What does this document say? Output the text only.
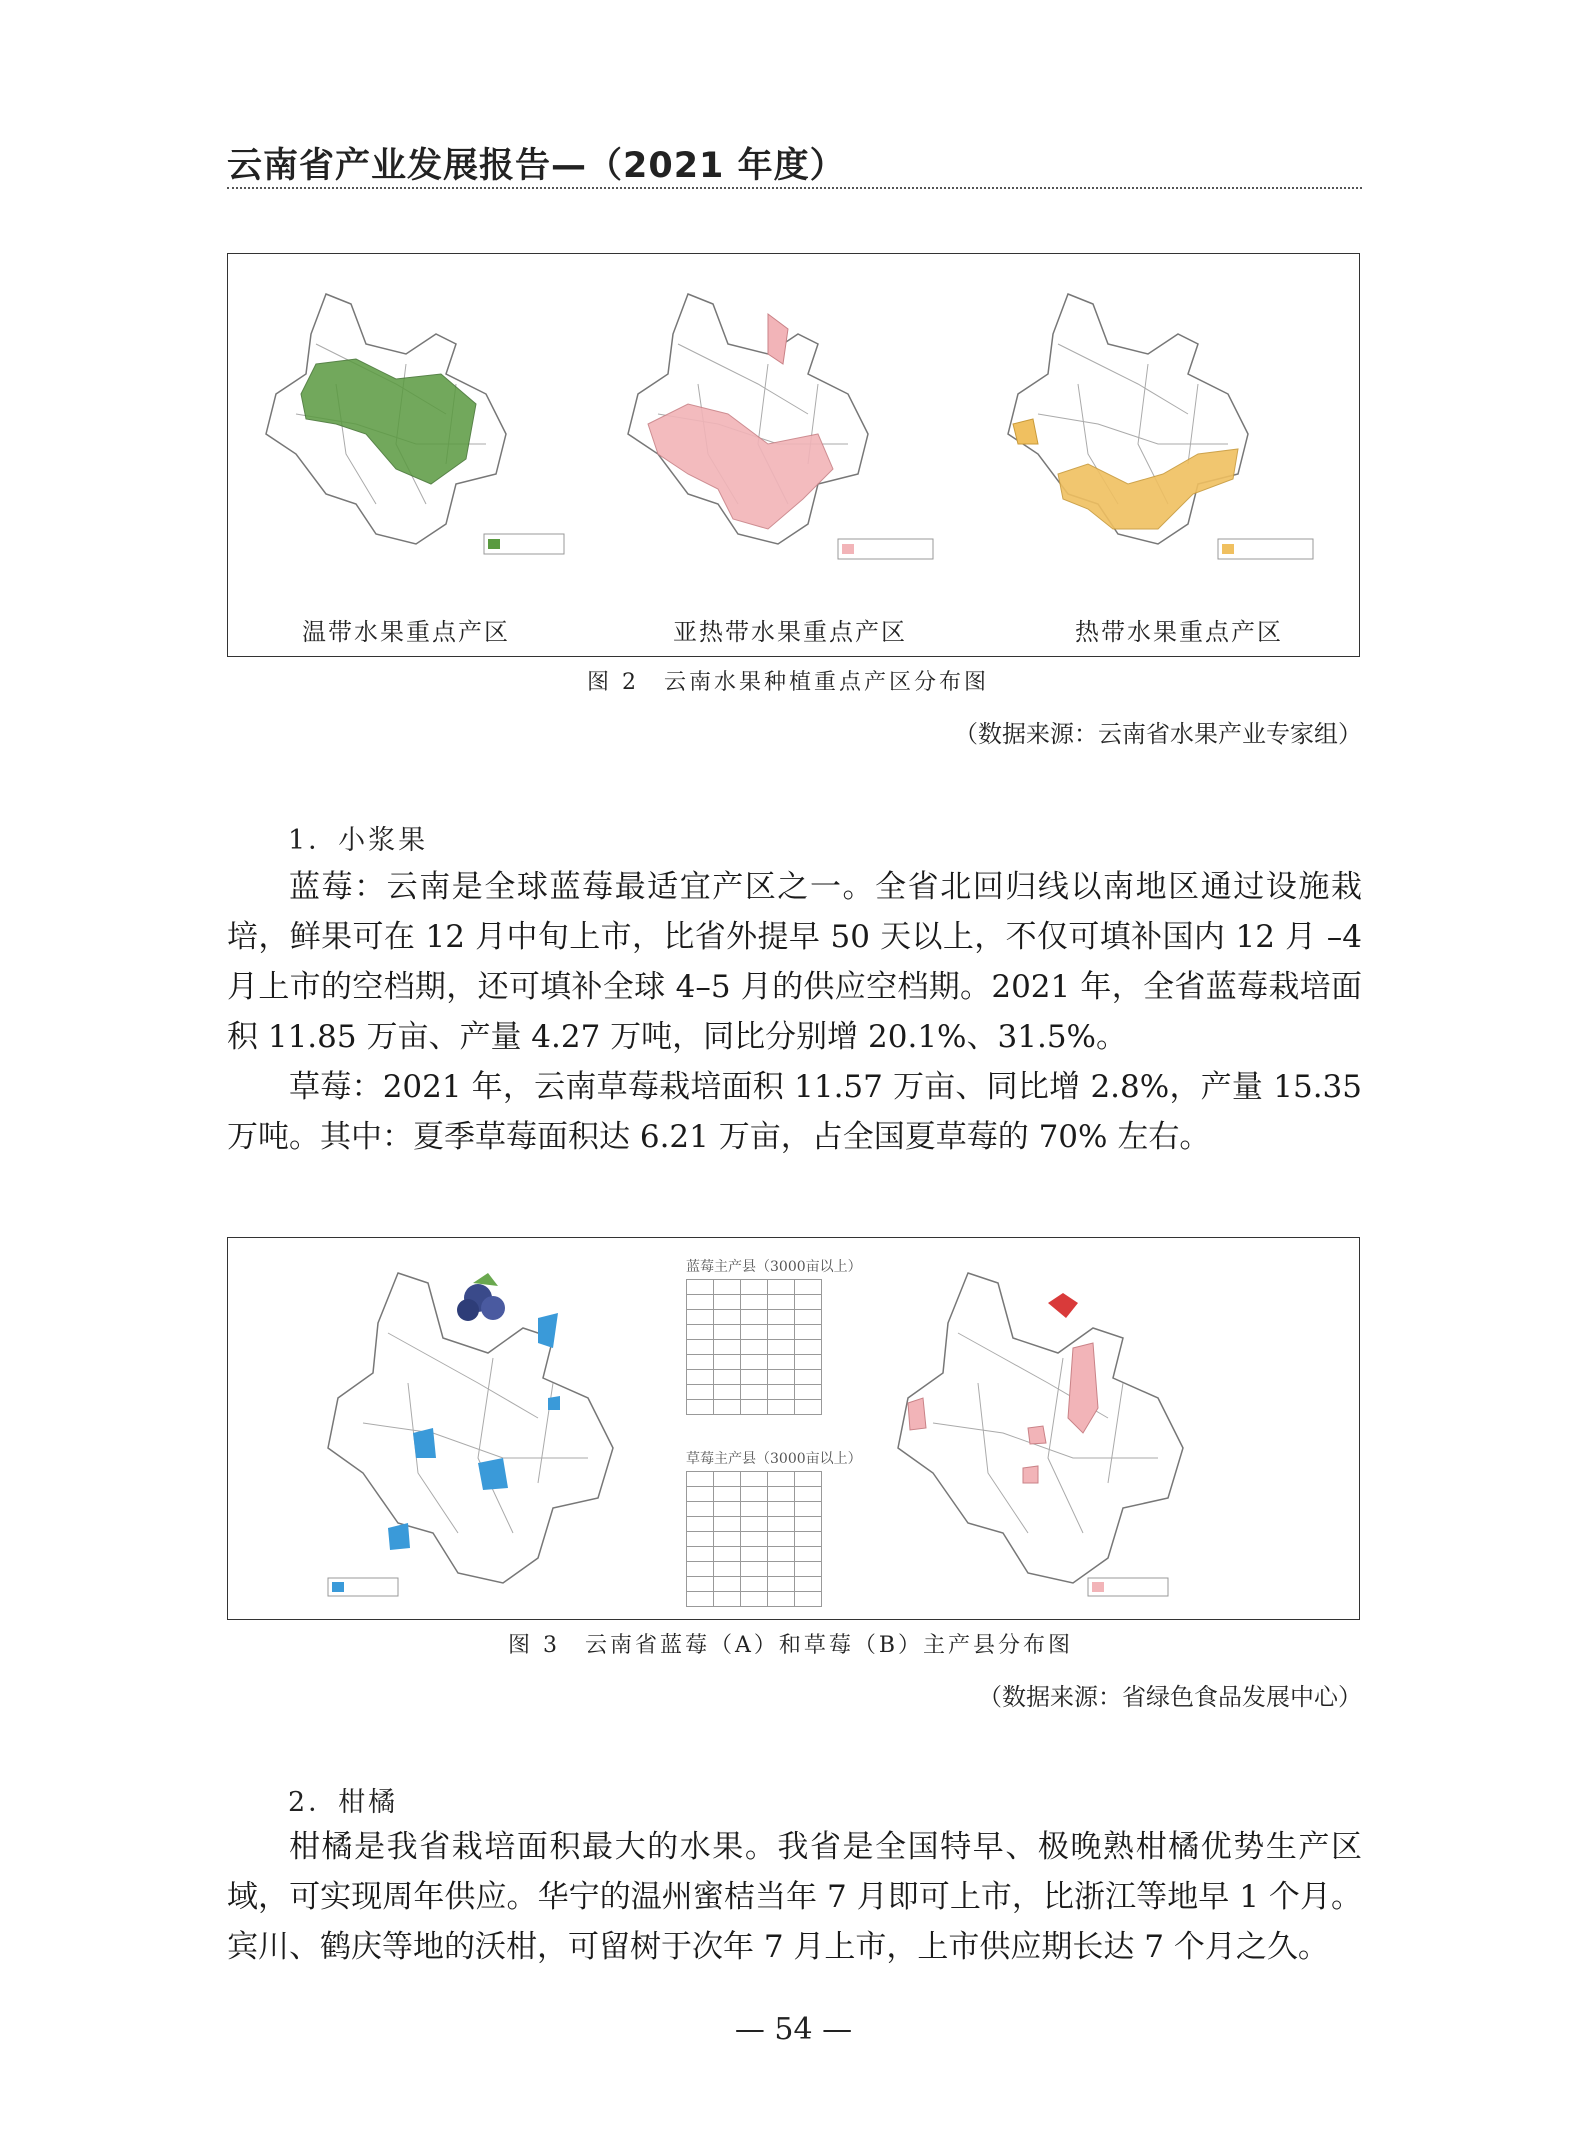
云南省产业发展报告—（2021 年度）
温带水果重点产区	亚热带水果重点产区	热带水果重点产区
图 2　云南水果种植重点产区分布图
（数据来源：云南省水果产业专家组）
1．小浆果

蓝莓：云南是全球蓝莓最适宜产区之一。全省北回归线以南地区通过设施栽培，鲜果可在 12 月中旬上市，比省外提早 50 天以上，不仅可填补国内 12 月 –4 月上市的空档期，还可填补全球 4–5 月的供应空档期。2021 年，全省蓝莓栽培面积 11.85 万亩、产量 4.27 万吨，同比分别增 20.1%、31.5%。

草莓：2021 年，云南草莓栽培面积 11.57 万亩、同比增 2.8%，产量 15.35 万吨。其中：夏季草莓面积达 6.21 万亩，占全国夏草莓的 70% 左右。

蓝莓主产县（3000亩以上）

草莓主产县（3000亩以上）

图 3　云南省蓝莓（A）和草莓（B）主产县分布图
（数据来源：省绿色食品发展中心）
2．柑橘

柑橘是我省栽培面积最大的水果。我省是全国特早、极晚熟柑橘优势生产区域，可实现周年供应。华宁的温州蜜桔当年 7 月即可上市，比浙江等地早 1 个月。宾川、鹤庆等地的沃柑，可留树于次年 7 月上市，上市供应期长达 7 个月之久。

— 54 —
